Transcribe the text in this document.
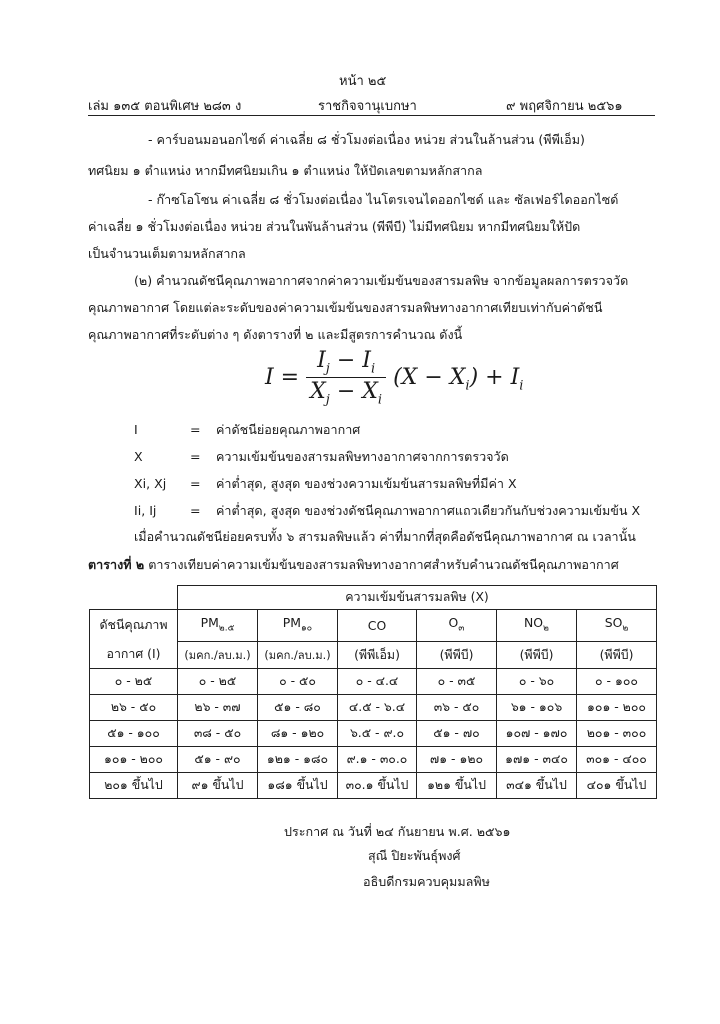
หน้า ๒๕
เล่ม ๑๓๕ ตอนพิเศษ ๒๘๓ ง	ราชกิจจานุเบกษา	๙ พฤศจิกายน ๒๕๖๑
- คาร์บอนมอนอกไซด์ ค่าเฉลี่ย ๘ ชั่วโมงต่อเนื่อง หน่วย ส่วนในล้านส่วน (พีพีเอ็ม)
ทศนิยม ๑ ตำแหน่ง หากมีทศนิยมเกิน ๑ ตำแหน่ง ให้ปัดเลขตามหลักสากล
- ก๊าซโอโซน ค่าเฉลี่ย ๘ ชั่วโมงต่อเนื่อง ไนโตรเจนไดออกไซด์ และ ซัลเฟอร์ไดออกไซด์
ค่าเฉลี่ย ๑ ชั่วโมงต่อเนื่อง หน่วย ส่วนในพันล้านส่วน (พีพีบี) ไม่มีทศนิยม หากมีทศนิยมให้ปัด
เป็นจำนวนเต็มตามหลักสากล
(๒) คำนวณดัชนีคุณภาพอากาศจากค่าความเข้มข้นของสารมลพิษ จากข้อมูลผลการตรวจวัด
คุณภาพอากาศ โดยแต่ละระดับของค่าความเข้มข้นของสารมลพิษทางอากาศเทียบเท่ากับค่าดัชนี
คุณภาพอากาศที่ระดับต่าง ๆ ดังตารางที่ ๒ และมีสูตรการคำนวณ ดังนี้
$I = \frac{I_j - I_i}{X_j - X_i} (X - X_i) + I_i$
I	= ค่าดัชนีย่อยคุณภาพอากาศ
X	= ความเข้มข้นของสารมลพิษทางอากาศจากการตรวจวัด
Xi, Xj = ค่าต่ำสุด, สูงสุด ของช่วงความเข้มข้นสารมลพิษที่มีค่า X
Ii, Ij	= ค่าต่ำสุด, สูงสุด ของช่วงดัชนีคุณภาพอากาศแถวเดียวกันกับช่วงความเข้มข้น X
เมื่อคำนวณดัชนีย่อยครบทั้ง ๖ สารมลพิษแล้ว ค่าที่มากที่สุดคือดัชนีคุณภาพอากาศ ณ เวลานั้น
ตารางที่ ๒ ตารางเทียบค่าความเข้มข้นของสารมลพิษทางอากาศสำหรับคำนวณดัชนีคุณภาพอากาศ
	ความเข้มข้นสารมลพิษ (X)					

ดัชนีคุณภาพ
อากาศ (I)	$PM_{๒.๕}$	$PM_{๑๐}$	CO	$O_๓$	$NO_๒$	$SO_๒$
	(มคก./ลบ.ม.)	(มคก./ลบ.ม.)	(พีพีเอ็ม)	(พีพีบี)	(พีพีบี)	(พีพีบี)
๐ - ๒๕	๐ - ๒๕	๐ - ๕๐	๐ - ๔.๔	๐ - ๓๕	๐ - ๖๐	๐ - ๑๐๐
๒๖ - ๕๐	๒๖ - ๓๗	๕๑ - ๘๐	๔.๕ - ๖.๔	๓๖ - ๕๐	๖๑ - ๑๐๖	๑๐๑ - ๒๐๐
๕๑ - ๑๐๐	๓๘ - ๕๐	๘๑ - ๑๒๐	๖.๕ - ๙.๐	๕๑ - ๗๐	๑๐๗ - ๑๗๐	๒๐๑ - ๓๐๐
๑๐๑ - ๒๐๐	๕๑ - ๙๐	๑๒๑ - ๑๘๐	๙.๑ - ๓๐.๐	๗๑ - ๑๒๐	๑๗๑ - ๓๔๐	๓๐๑ - ๔๐๐
๒๐๑ ขึ้นไป	๙๑ ขึ้นไป	๑๘๑ ขึ้นไป	๓๐.๑ ขึ้นไป	๑๒๑ ขึ้นไป	๓๔๑ ขึ้นไป	๔๐๑ ขึ้นไป
ประกาศ ณ วันที่ ๒๔ กันยายน พ.ศ. ๒๕๖๑
สุณี ปิยะพันธุ์พงศ์
อธิบดีกรมควบคุมมลพิษ
